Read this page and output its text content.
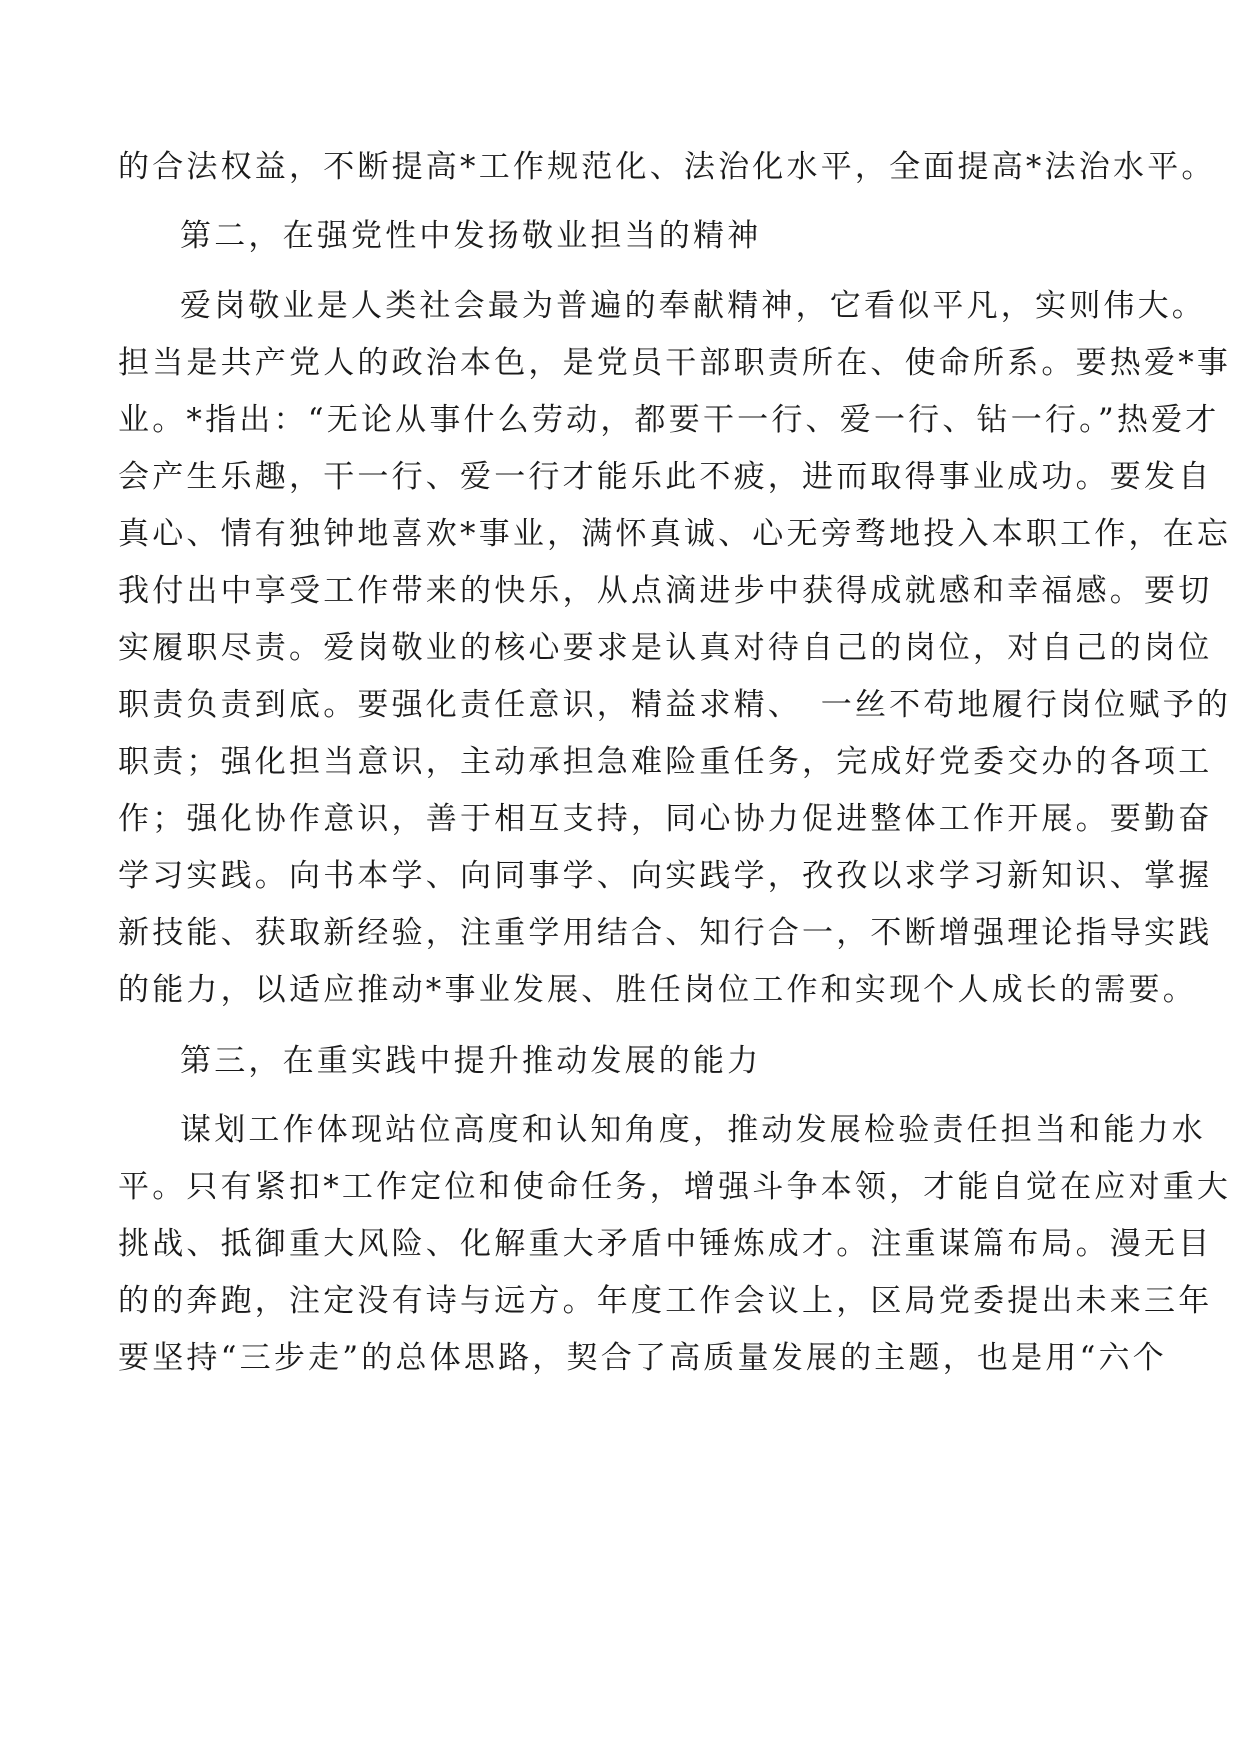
的合法权益，不断提高*工作规范化、法治化水平，全面提高*法治水平。
第二，在强党性中发扬敬业担当的精神
爱岗敬业是人类社会最为普遍的奉献精神，它看似平凡，实则伟大。
担当是共产党人的政治本色，是党员干部职责所在、使命所系。要热爱*事
业。*指出：“无论从事什么劳动，都要干一行、爱一行、钻一行。”热爱才
会产生乐趣，干一行、爱一行才能乐此不疲，进而取得事业成功。要发自
真心、情有独钟地喜欢*事业，满怀真诚、心无旁骛地投入本职工作，在忘
我付出中享受工作带来的快乐，从点滴进步中获得成就感和幸福感。要切
实履职尽责。爱岗敬业的核心要求是认真对待自己的岗位，对自己的岗位
职责负责到底。要强化责任意识，精益求精、　一丝不苟地履行岗位赋予的
职责；强化担当意识，主动承担急难险重任务，完成好党委交办的各项工
作；强化协作意识，善于相互支持，同心协力促进整体工作开展。要勤奋
学习实践。向书本学、向同事学、向实践学，孜孜以求学习新知识、掌握
新技能、获取新经验，注重学用结合、知行合一，不断增强理论指导实践
的能力，以适应推动*事业发展、胜任岗位工作和实现个人成长的需要。
第三，在重实践中提升推动发展的能力
谋划工作体现站位高度和认知角度，推动发展检验责任担当和能力水
平。只有紧扣*工作定位和使命任务，增强斗争本领，才能自觉在应对重大
挑战、抵御重大风险、化解重大矛盾中锤炼成才。注重谋篇布局。漫无目
的的奔跑，注定没有诗与远方。年度工作会议上，区局党委提出未来三年
要坚持“三步走”的总体思路，契合了高质量发展的主题，也是用“六个
